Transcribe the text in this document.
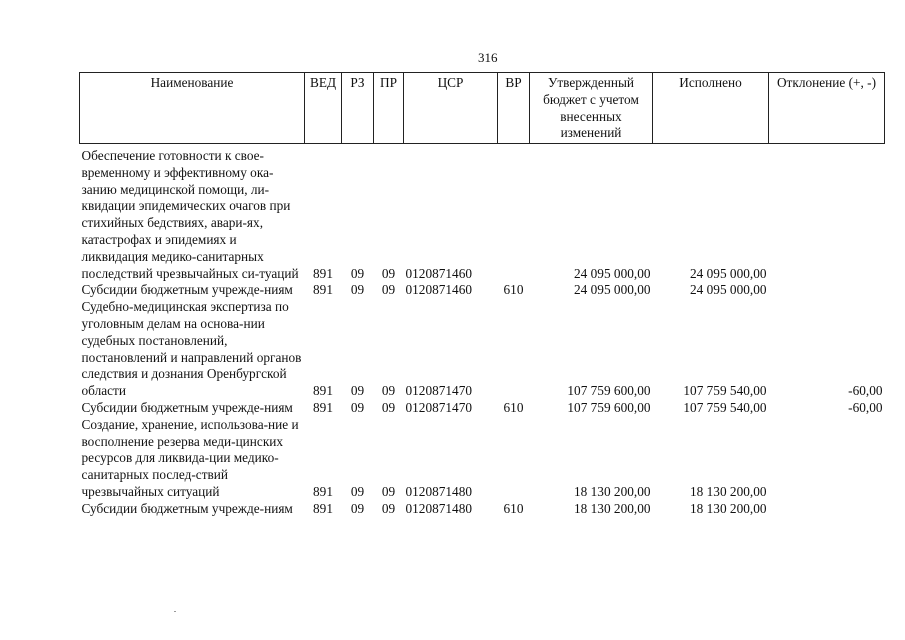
316
Наименование	ВЕД	РЗ	ПР	ЦСР	ВР	Утвержденный бюджет с учетом внесенных изменений	Исполнено	Отклонение (+, -)

Обеспечение готовности к свое-временному и эффективному ока-занию медицинской помощи, ли-квидации эпидемических очагов при стихийных бедствиях, авари-ях, катастрофах и эпидемиях и ликвидация медико-санитарных последствий чрезвычайных си-туаций	891	09	09	0120871460		24 095 000,00	24 095 000,00	
Субсидии бюджетным учрежде-ниям	891	09	09	0120871460	610	24 095 000,00	24 095 000,00	
Судебно-медицинская экспертиза по уголовным делам на основа-нии судебных постановлений, постановлений и направлений органов следствия и дознания Оренбургской области	891	09	09	0120871470		107 759 600,00	107 759 540,00	-60,00
Субсидии бюджетным учрежде-ниям	891	09	09	0120871470	610	107 759 600,00	107 759 540,00	-60,00
Создание, хранение, использова-ние и восполнение резерва меди-цинских ресурсов для ликвида-ции медико-санитарных послед-ствий чрезвычайных ситуаций	891	09	09	0120871480		18 130 200,00	18 130 200,00	
Субсидии бюджетным учрежде-ниям	891	09	09	0120871480	610	18 130 200,00	18 130 200,00	
